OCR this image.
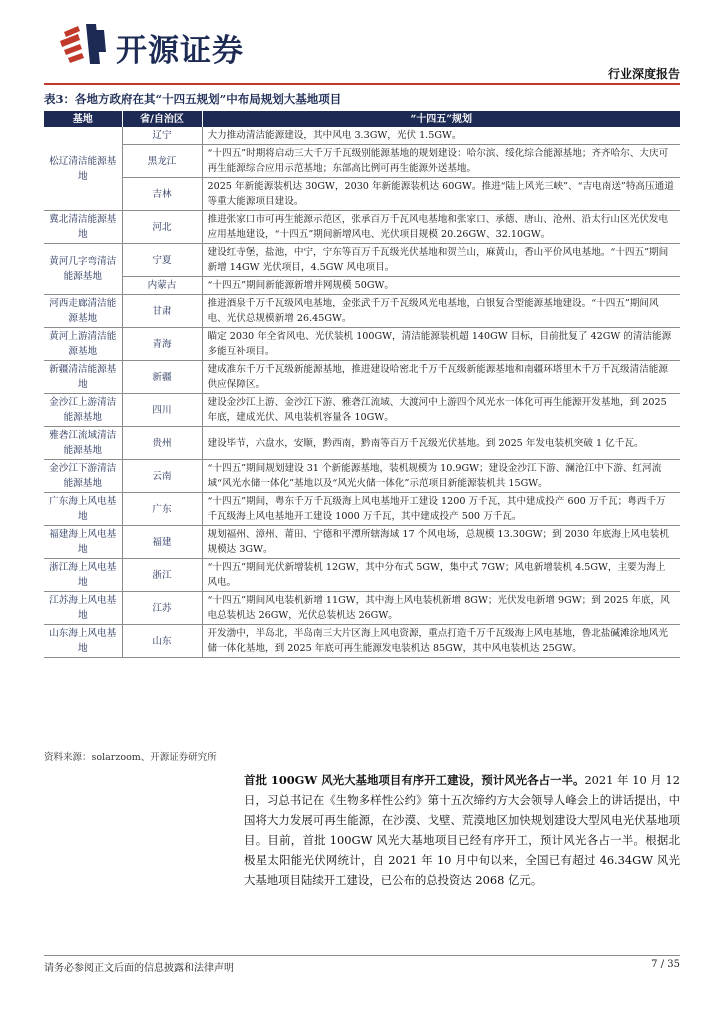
开源证券
行业深度报告
表3：各地方政府在其“十四五规划”中布局规划大基地项目
基地	省/自治区	“十四五”规划
松辽清洁能源基地	辽宁	大力推动清洁能源建设，其中风电 3.3GW，光伏 1.5GW。
	黑龙江	“十四五”时期将启动三大千万千瓦级别能源基地的规划建设：哈尔滨、绥化综合能源基地；齐齐哈尔、大庆可再生能源综合应用示范基地；东部高比例可再生能源外送基地。
	吉林	2025 年新能源装机达 30GW，2030 年新能源装机达 60GW。推进“陆上风光三峡”、“吉电南送”特高压通道等重大能源项目建设。
冀北清洁能源基地	河北	推进张家口市可再生能源示范区，张承百万千瓦风电基地和张家口、承德、唐山、沧州、沿太行山区光伏发电应用基地建设，“十四五”期间新增风电、光伏项目规模 20.26GW、32.10GW。
黄河几字弯清洁能源基地	宁夏	建设红寺堡，盐池，中宁，宁东等百万千瓦级光伏基地和贺兰山，麻黄山，香山平价风电基地。“十四五”期间新增 14GW 光伏项目，4.5GW 风电项目。
	内蒙古	“十四五”期间新能源新增并网规模 50GW。
河西走廊清洁能源基地	甘肃	推进酒泉千万千瓦级风电基地，金张武千万千瓦级风光电基地，白银复合型能源基地建设。“十四五”期间风电、光伏总规模新增 26.45GW。
黄河上游清洁能源基地	青海	瞄定 2030 年全省风电、光伏装机 100GW，清洁能源装机超 140GW 目标，目前批复了 42GW 的清洁能源多能互补项目。
新疆清洁能源基地	新疆	建成准东千万千瓦级新能源基地，推进建设哈密北千万千瓦级新能源基地和南疆环塔里木千万千瓦级清洁能源供应保障区。
金沙江上游清洁能源基地	四川	建设金沙江上游、金沙江下游、雅砻江流域、大渡河中上游四个风光水一体化可再生能源开发基地，到 2025 年底，建成光伏、风电装机容量各 10GW。
雅砻江流域清洁能源基地	贵州	建设毕节，六盘水，安顺，黔西南，黔南等百万千瓦级光伏基地。到 2025 年发电装机突破 1 亿千瓦。
金沙江下游清洁能源基地	云南	“十四五”期间规划建设 31 个新能源基地，装机规模为 10.9GW；建设金沙江下游、澜沧江中下游、红河流域“风光水储一体化”基地以及“风光火储一体化”示范项目新能源装机共 15GW。
广东海上风电基地	广东	“十四五”期间，粤东千万千瓦级海上风电基地开工建设 1200 万千瓦，其中建成投产 600 万千瓦；粤西千万千瓦级海上风电基地开工建设 1000 万千瓦，其中建成投产 500 万千瓦。
福建海上风电基地	福建	规划福州、漳州、莆田、宁德和平潭所辖海域 17 个风电场，总规模 13.30GW；到 2030 年底海上风电装机规模达 3GW。
浙江海上风电基地	浙江	“十四五”期间光伏新增装机 12GW，其中分布式 5GW，集中式 7GW；风电新增装机 4.5GW，主要为海上风电。
江苏海上风电基地	江苏	“十四五”期间风电装机新增 11GW，其中海上风电装机新增 8GW；光伏发电新增 9GW；到 2025 年底，风电总装机达 26GW，光伏总装机达 26GW。
山东海上风电基地	山东	开发渤中，半岛北，半岛南三大片区海上风电资源，重点打造千万千瓦级海上风电基地，鲁北盐碱滩涂地风光储一体化基地，到 2025 年底可再生能源发电装机达 85GW，其中风电装机达 25GW。
资料来源：solarzoom、开源证券研究所
首批 100GW 风光大基地项目有序开工建设，预计风光各占一半。2021 年 10 月 12 日，习总书记在《生物多样性公约》第十五次缔约方大会领导人峰会上的讲话提出，中国将大力发展可再生能源，在沙漠、戈壁、荒漠地区加快规划建设大型风电光伏基地项目。目前，首批 100GW 风光大基地项目已经有序开工，预计风光各占一半。根据北极星太阳能光伏网统计，自 2021 年 10 月中旬以来，全国已有超过 46.34GW 风光大基地项目陆续开工建设，已公布的总投资达 2068 亿元。
请务必参阅正文后面的信息披露和法律声明	7 / 35
